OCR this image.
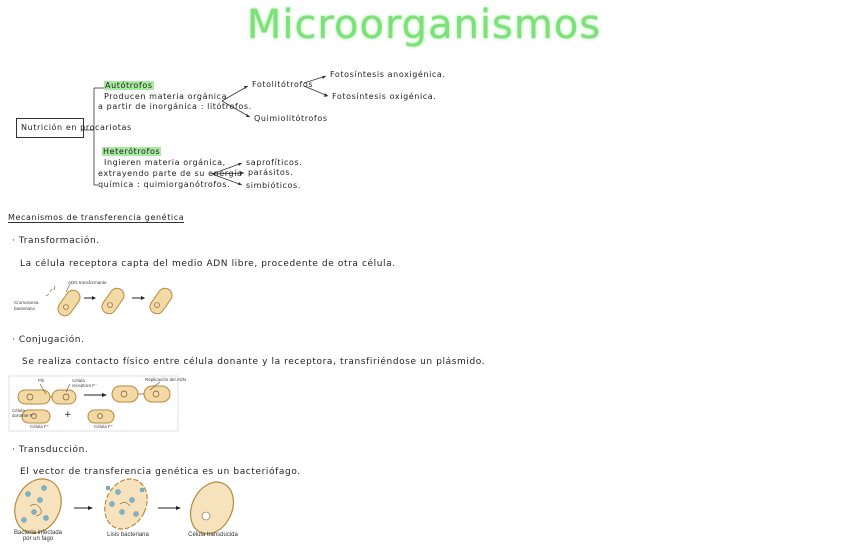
Microorganismos
Nutrición en procariotas
Autótrofos
Producen materia orgánica
a partir de inorgánica : litótrofos.
Fotolitótrofos
Fotosíntesis anoxigénica.
Fotosíntesis oxigénica.
Quimiolitótrofos
Heterótrofos
Ingieren materia orgánica,
extrayendo parte de su energía
química : quimiorganótrofos.
saprofíticos.
parásitos.
simbióticos.
Mecanismos de transferencia genética
· Transformación.
La célula receptora capta del medio ADN libre, procedente de otra célula.
ADN transformante
Cromosoma
bacteriano
· Conjugación.
Se realiza contacto físico entre célula donante y la receptora, transfiriéndose un plásmido.
Pili	Célula
receptora F⁻
Replicación del ADN
Célula
donante F⁺
Célula F⁺	Célula F⁺
+
· Transducción.
El vector de transferencia genética es un bacteriófago.
Bacteria infectada
por un fago
Lisis bacteriana	Célula transducida
